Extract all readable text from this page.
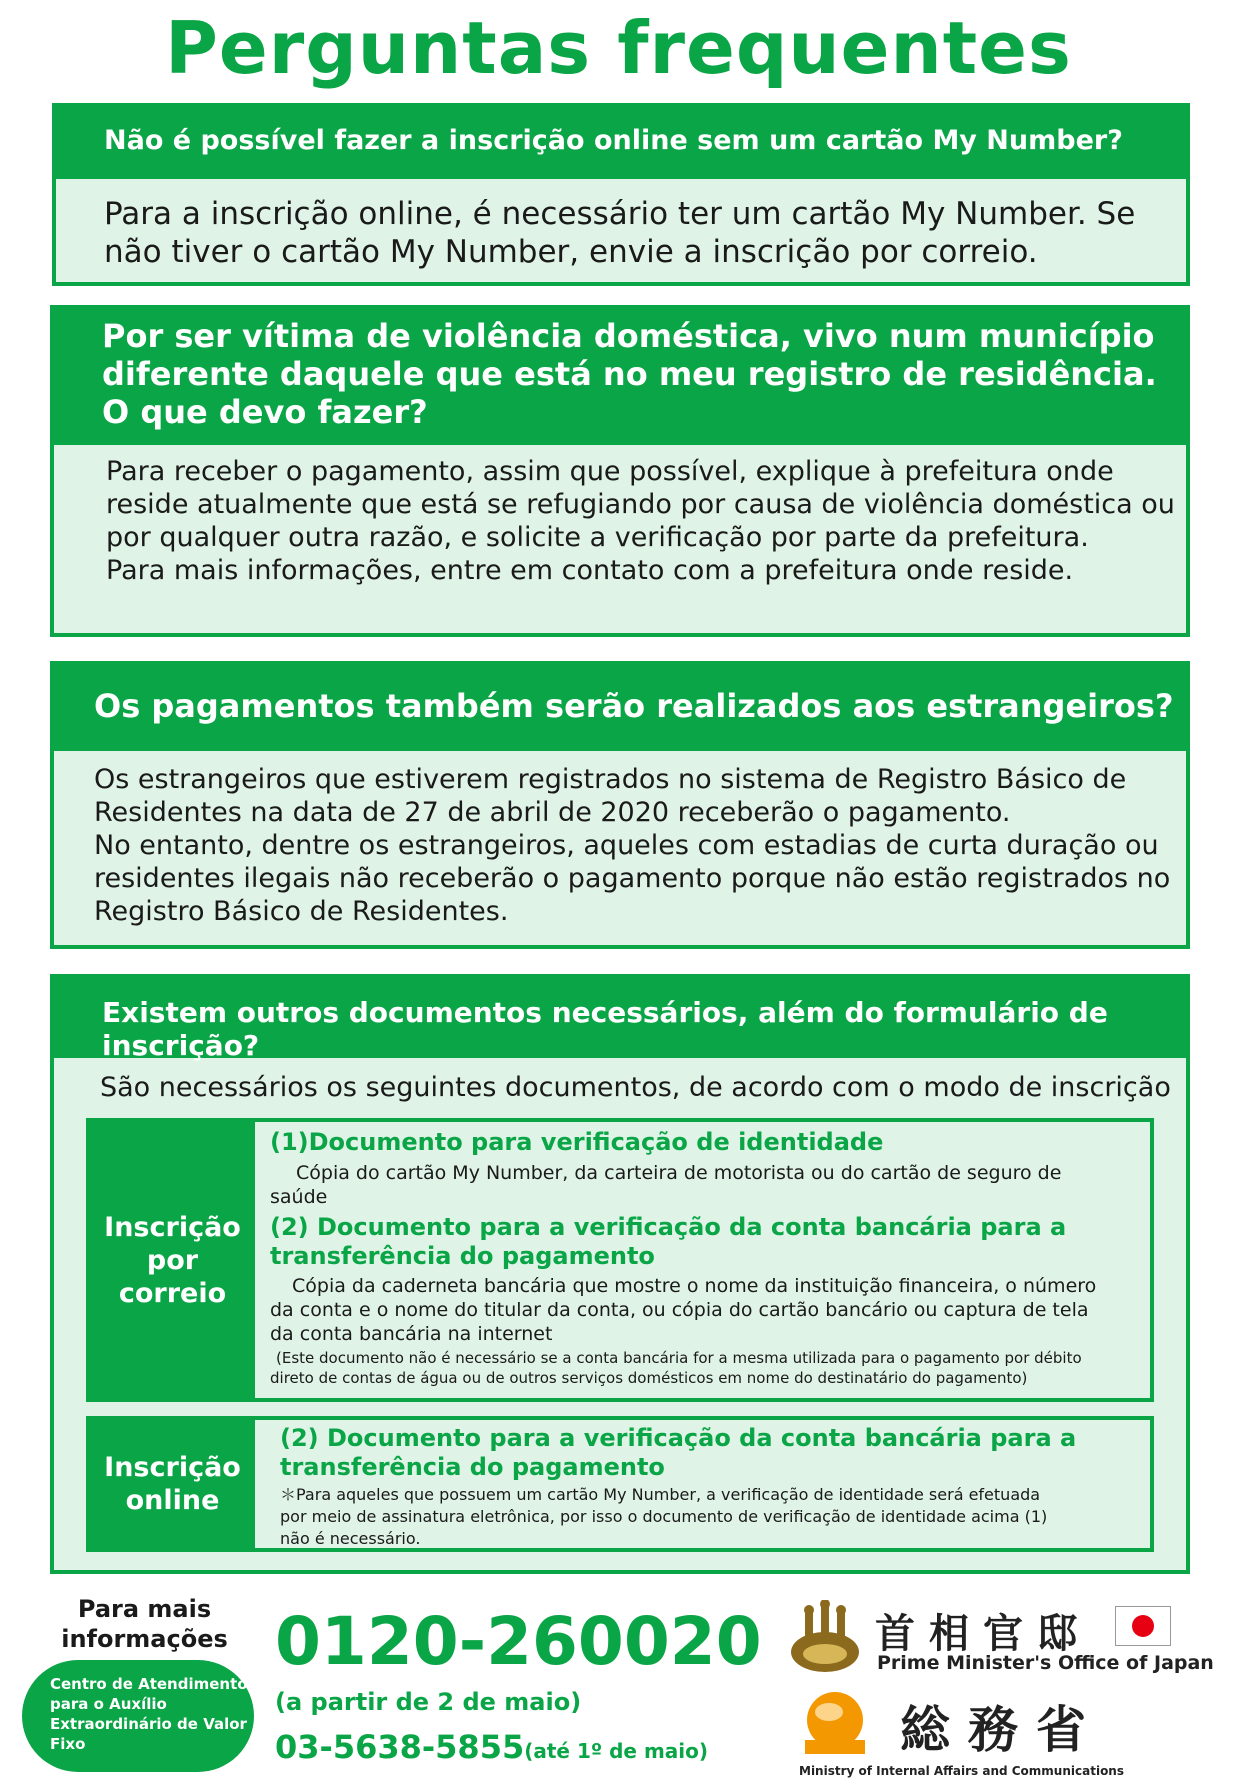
Perguntas frequentes
Não é possível fazer a inscrição online sem um cartão My Number?
Para a inscrição online, é necessário ter um cartão My Number. Se
não tiver o cartão My Number, envie a inscrição por correio.
Por ser vítima de violência doméstica, vivo num município
diferente daquele que está no meu registro de residência.
O que devo fazer?
Para receber o pagamento, assim que possível, explique à prefeitura onde
reside atualmente que está se refugiando por causa de violência doméstica ou
por qualquer outra razão, e solicite a verificação por parte da prefeitura.
Para mais informações, entre em contato com a prefeitura onde reside.
Os pagamentos também serão realizados aos estrangeiros?
Os estrangeiros que estiverem registrados no sistema de Registro Básico de
Residentes na data de 27 de abril de 2020 receberão o pagamento.
No entanto, dentre os estrangeiros, aqueles com estadias de curta duração ou
residentes ilegais não receberão o pagamento porque não estão registrados no
Registro Básico de Residentes.
Existem outros documentos necessários, além do formulário de inscrição?
São necessários os seguintes documentos, de acordo com o modo de inscrição
Inscrição
por
correio
(1)Documento para verificação de identidade
Cópia do cartão My Number, da carteira de motorista ou do cartão de seguro de
saúde
(2) Documento para a verificação da conta bancária para a
transferência do pagamento
Cópia da caderneta bancária que mostre o nome da instituição financeira, o número
da conta e o nome do titular da conta, ou cópia do cartão bancário ou captura de tela
da conta bancária na internet
(Este documento não é necessário se a conta bancária for a mesma utilizada para o pagamento por débito
direto de contas de água ou de outros serviços domésticos em nome do destinatário do pagamento)
Inscrição
online
(2) Documento para a verificação da conta bancária para a
transferência do pagamento
＊Para aqueles que possuem um cartão My Number, a verificação de identidade será efetuada
por meio de assinatura eletrônica, por isso o documento de verificação de identidade acima (1)
não é necessário.
Para mais
informações
Centro de Atendimento
para o Auxílio
Extraordinário de Valor
Fixo
0120-260020
(a partir de 2 de maio)
03-5638-5855(até 1º de maio)
首相官邸
Prime Minister's Office of Japan
総務省
Ministry of Internal Affairs and Communications
